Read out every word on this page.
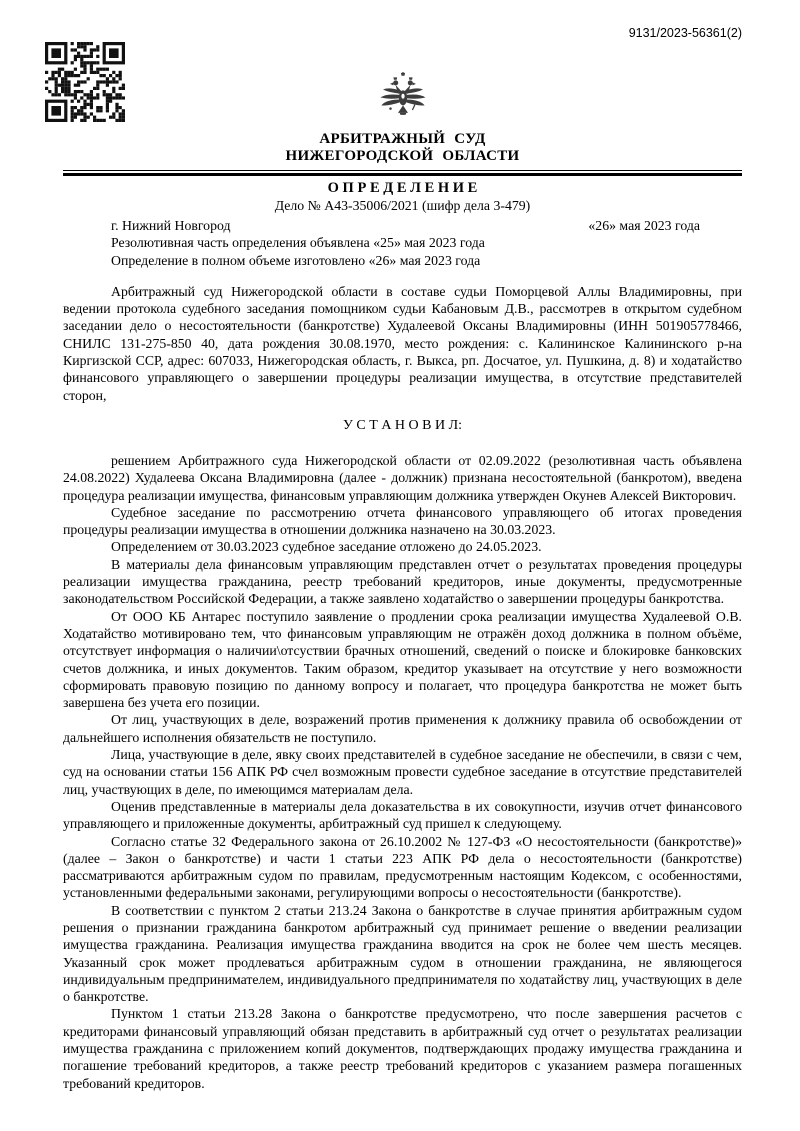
9131/2023-56361(2)
АРБИТРАЖНЫЙ СУД
НИЖЕГОРОДСКОЙ ОБЛАСТИ
О П Р Е Д Е Л Е Н И Е
Дело № А43-35006/2021 (шифр дела 3-479)
г. Нижний Новгород	«26» мая 2023 года
Резолютивная часть определения объявлена «25» мая 2023 года
Определение в полном объеме изготовлено «26» мая 2023 года

Арбитражный суд Нижегородской области в составе судьи Поморцевой Аллы Владимировны, при ведении протокола судебного заседания помощником судьи Кабановым Д.В., рассмотрев в открытом судебном заседании дело о несостоятельности (банкротстве) Худалеевой Оксаны Владимировны (ИНН 501905778466, СНИЛС 131-275-850 40, дата рождения 30.08.1970, место рождения: с. Калининское Калининского р-на Киргизской ССР, адрес: 607033, Нижегородская область, г. Выкса, рп. Досчатое, ул. Пушкина, д. 8) и ходатайство финансового управляющего о завершении процедуры реализации имущества, в отсутствие представителей сторон,

У С Т А Н О В И Л:

решением Арбитражного суда Нижегородской области от 02.09.2022 (резолютивная часть объявлена 24.08.2022) Худалеева Оксана Владимировна (далее - должник) признана несостоятельной (банкротом), введена процедура реализации имущества, финансовым управляющим должника утвержден Окунев Алексей Викторович.

Судебное заседание по рассмотрению отчета финансового управляющего об итогах проведения процедуры реализации имущества в отношении должника назначено на 30.03.2023.

Определением от 30.03.2023 судебное заседание отложено до 24.05.2023.

В материалы дела финансовым управляющим представлен отчет о результатах проведения процедуры реализации имущества гражданина, реестр требований кредиторов, иные документы, предусмотренные законодательством Российской Федерации, а также заявлено ходатайство о завершении процедуры банкротства.

От ООО КБ Антарес поступило заявление о продлении срока реализации имущества Худалеевой О.В. Ходатайство мотивировано тем, что финансовым управляющим не отражён доход должника в полном объёме, отсутствует информация о наличии\отсуствии брачных отношений, сведений о поиске и блокировке банковских счетов должника, и иных документов. Таким образом, кредитор указывает на отсутствие у него возможности сформировать правовую позицию по данному вопросу и полагает, что процедура банкротства не может быть завершена без учета его позиции.

От лиц, участвующих в деле, возражений против применения к должнику правила об освобождении от дальнейшего исполнения обязательств не поступило.

Лица, участвующие в деле, явку своих представителей в судебное заседание не обеспечили, в связи с чем, суд на основании статьи 156 АПК РФ счел возможным провести судебное заседание в отсутствие представителей лиц, участвующих в деле, по имеющимся материалам дела.

Оценив представленные в материалы дела доказательства в их совокупности, изучив отчет финансового управляющего и приложенные документы, арбитражный суд пришел к следующему.

Согласно статье 32 Федерального закона от 26.10.2002 № 127-ФЗ «О несостоятельности (банкротстве)» (далее – Закон о банкротстве) и части 1 статьи 223 АПК РФ дела о несостоятельности (банкротстве) рассматриваются арбитражным судом по правилам, предусмотренным настоящим Кодексом, с особенностями, установленными федеральными законами, регулирующими вопросы о несостоятельности (банкротстве).

В соответствии с пунктом 2 статьи 213.24 Закона о банкротстве в случае принятия арбитражным судом решения о признании гражданина банкротом арбитражный суд принимает решение о введении реализации имущества гражданина. Реализация имущества гражданина вводится на срок не более чем шесть месяцев. Указанный срок может продлеваться арбитражным судом в отношении гражданина, не являющегося индивидуальным предпринимателем, индивидуального предпринимателя по ходатайству лиц, участвующих в деле о банкротстве.

Пунктом 1 статьи 213.28 Закона о банкротстве предусмотрено, что после завершения расчетов с кредиторами финансовый управляющий обязан представить в арбитражный суд отчет о результатах реализации имущества гражданина с приложением копий документов, подтверждающих продажу имущества гражданина и погашение требований кредиторов, а также реестр требований кредиторов с указанием размера погашенных требований кредиторов.
